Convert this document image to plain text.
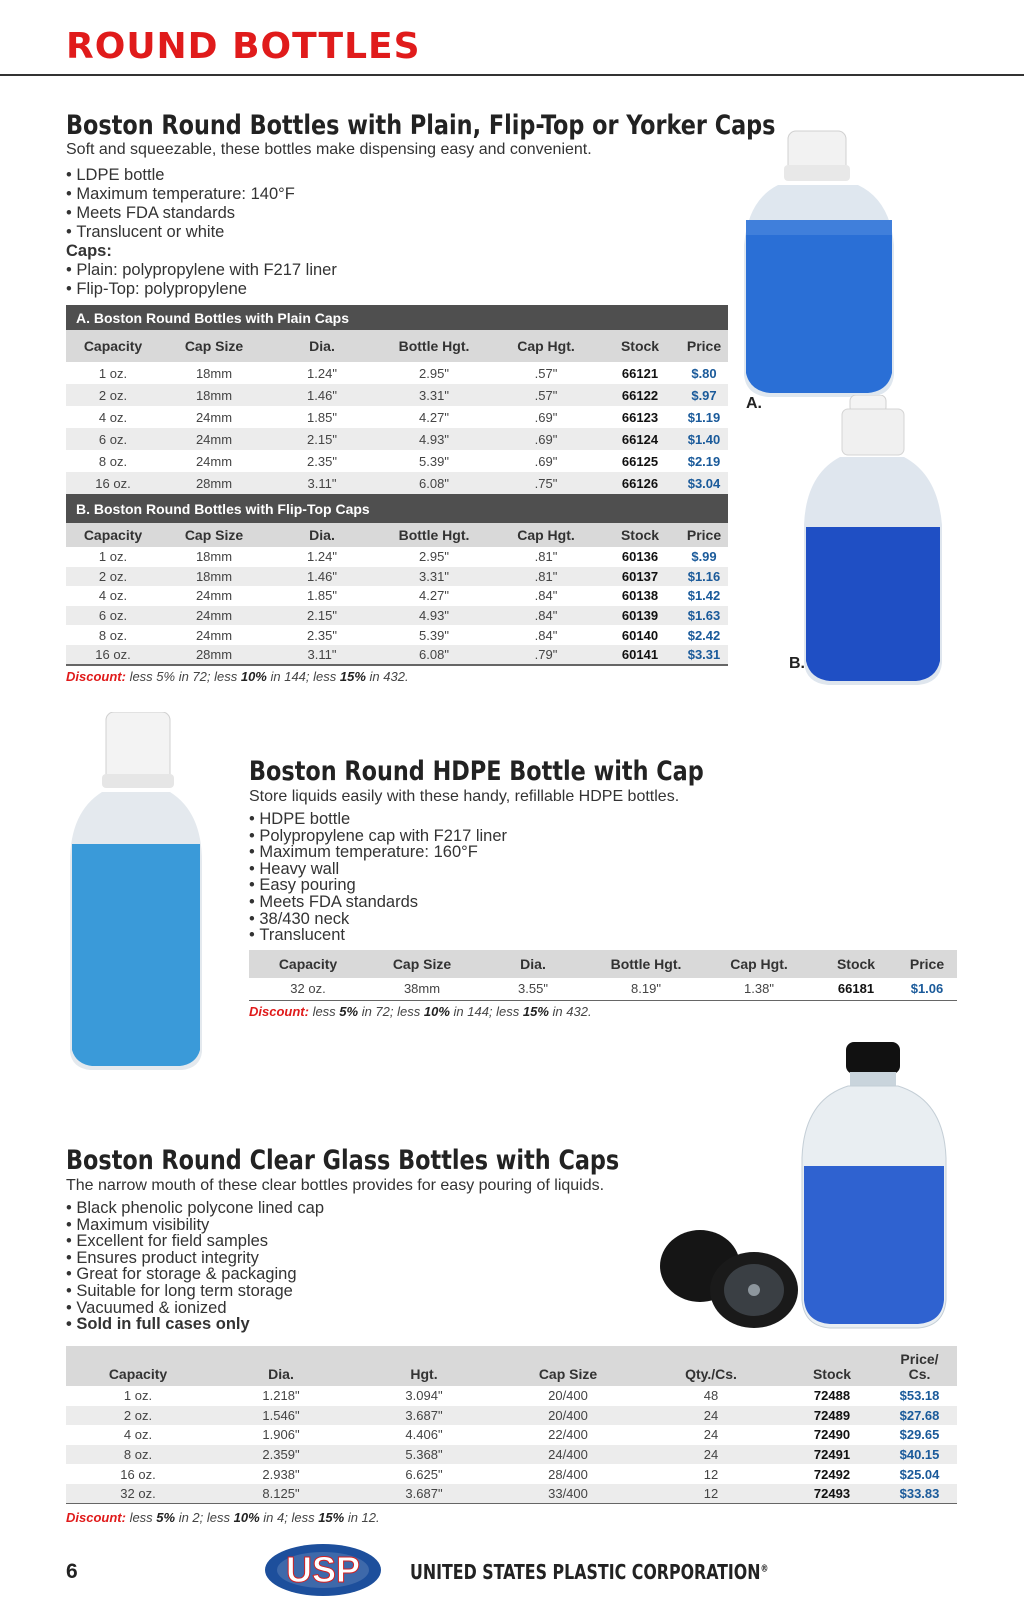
ROUND BOTTLES
Boston Round Bottles with Plain, Flip-Top or Yorker Caps
Soft and squeezable, these bottles make dispensing easy and convenient.
• LDPE bottle
• Maximum temperature: 140°F
• Meets FDA standards
• Translucent or white
Caps:
• Plain: polypropylene with F217 liner
• Flip-Top: polypropylene
A. Boston Round Bottles with Plain Caps						
Capacity	Cap Size	Dia.	Bottle Hgt.	Cap Hgt.	Stock	Price
1 oz.	18mm	1.24"	2.95"	.57"	66121	$.80
2 oz.	18mm	1.46"	3.31"	.57"	66122	$.97
4 oz.	24mm	1.85"	4.27"	.69"	66123	$1.19
6 oz.	24mm	2.15"	4.93"	.69"	66124	$1.40
8 oz.	24mm	2.35"	5.39"	.69"	66125	$2.19
16 oz.	28mm	3.11"	6.08"	.75"	66126	$3.04
B. Boston Round Bottles with Flip-Top Caps						
Capacity	Cap Size	Dia.	Bottle Hgt.	Cap Hgt.	Stock	Price
1 oz.	18mm	1.24"	2.95"	.81"	60136	$.99
2 oz.	18mm	1.46"	3.31"	.81"	60137	$1.16
4 oz.	24mm	1.85"	4.27"	.84"	60138	$1.42
6 oz.	24mm	2.15"	4.93"	.84"	60139	$1.63
8 oz.	24mm	2.35"	5.39"	.84"	60140	$2.42
16 oz.	28mm	3.11"	6.08"	.79"	60141	$3.31
Discount: less 5% in 72; less 10% in 144; less 15% in 432.
A.
B.
Boston Round HDPE Bottle with Cap
Store liquids easily with these handy, refillable HDPE bottles.
• HDPE bottle
• Polypropylene cap with F217 liner
• Maximum temperature: 160°F
• Heavy wall
• Easy pouring
• Meets FDA standards
• 38/430 neck
• Translucent
Capacity	Cap Size	Dia.	Bottle Hgt.	Cap Hgt.	Stock	Price
32 oz.	38mm	3.55"	8.19"	1.38"	66181	$1.06
Discount: less 5% in 72; less 10% in 144; less 15% in 432.
Boston Round Clear Glass Bottles with Caps
The narrow mouth of these clear bottles provides for easy pouring of liquids.
• Black phenolic polycone lined cap
• Maximum visibility
• Excellent for field samples
• Ensures product integrity
• Great for storage & packaging
• Suitable for long term storage
• Vacuumed & ionized
• Sold in full cases only
Capacity	Dia.	Hgt.	Cap Size	Qty./Cs.	Stock	Price/
Cs.

1 oz.	1.218"	3.094"	20/400	48	72488	$53.18
2 oz.	1.546"	3.687"	20/400	24	72489	$27.68
4 oz.	1.906"	4.406"	22/400	24	72490	$29.65
8 oz.	2.359"	5.368"	24/400	24	72491	$40.15
16 oz.	2.938"	6.625"	28/400	12	72492	$25.04
32 oz.	8.125"	3.687"	33/400	12	72493	$33.83
Discount: less 5% in 2; less 10% in 4; less 15% in 12.
6	USP UNITED STATES PLASTIC CORPORATION®
